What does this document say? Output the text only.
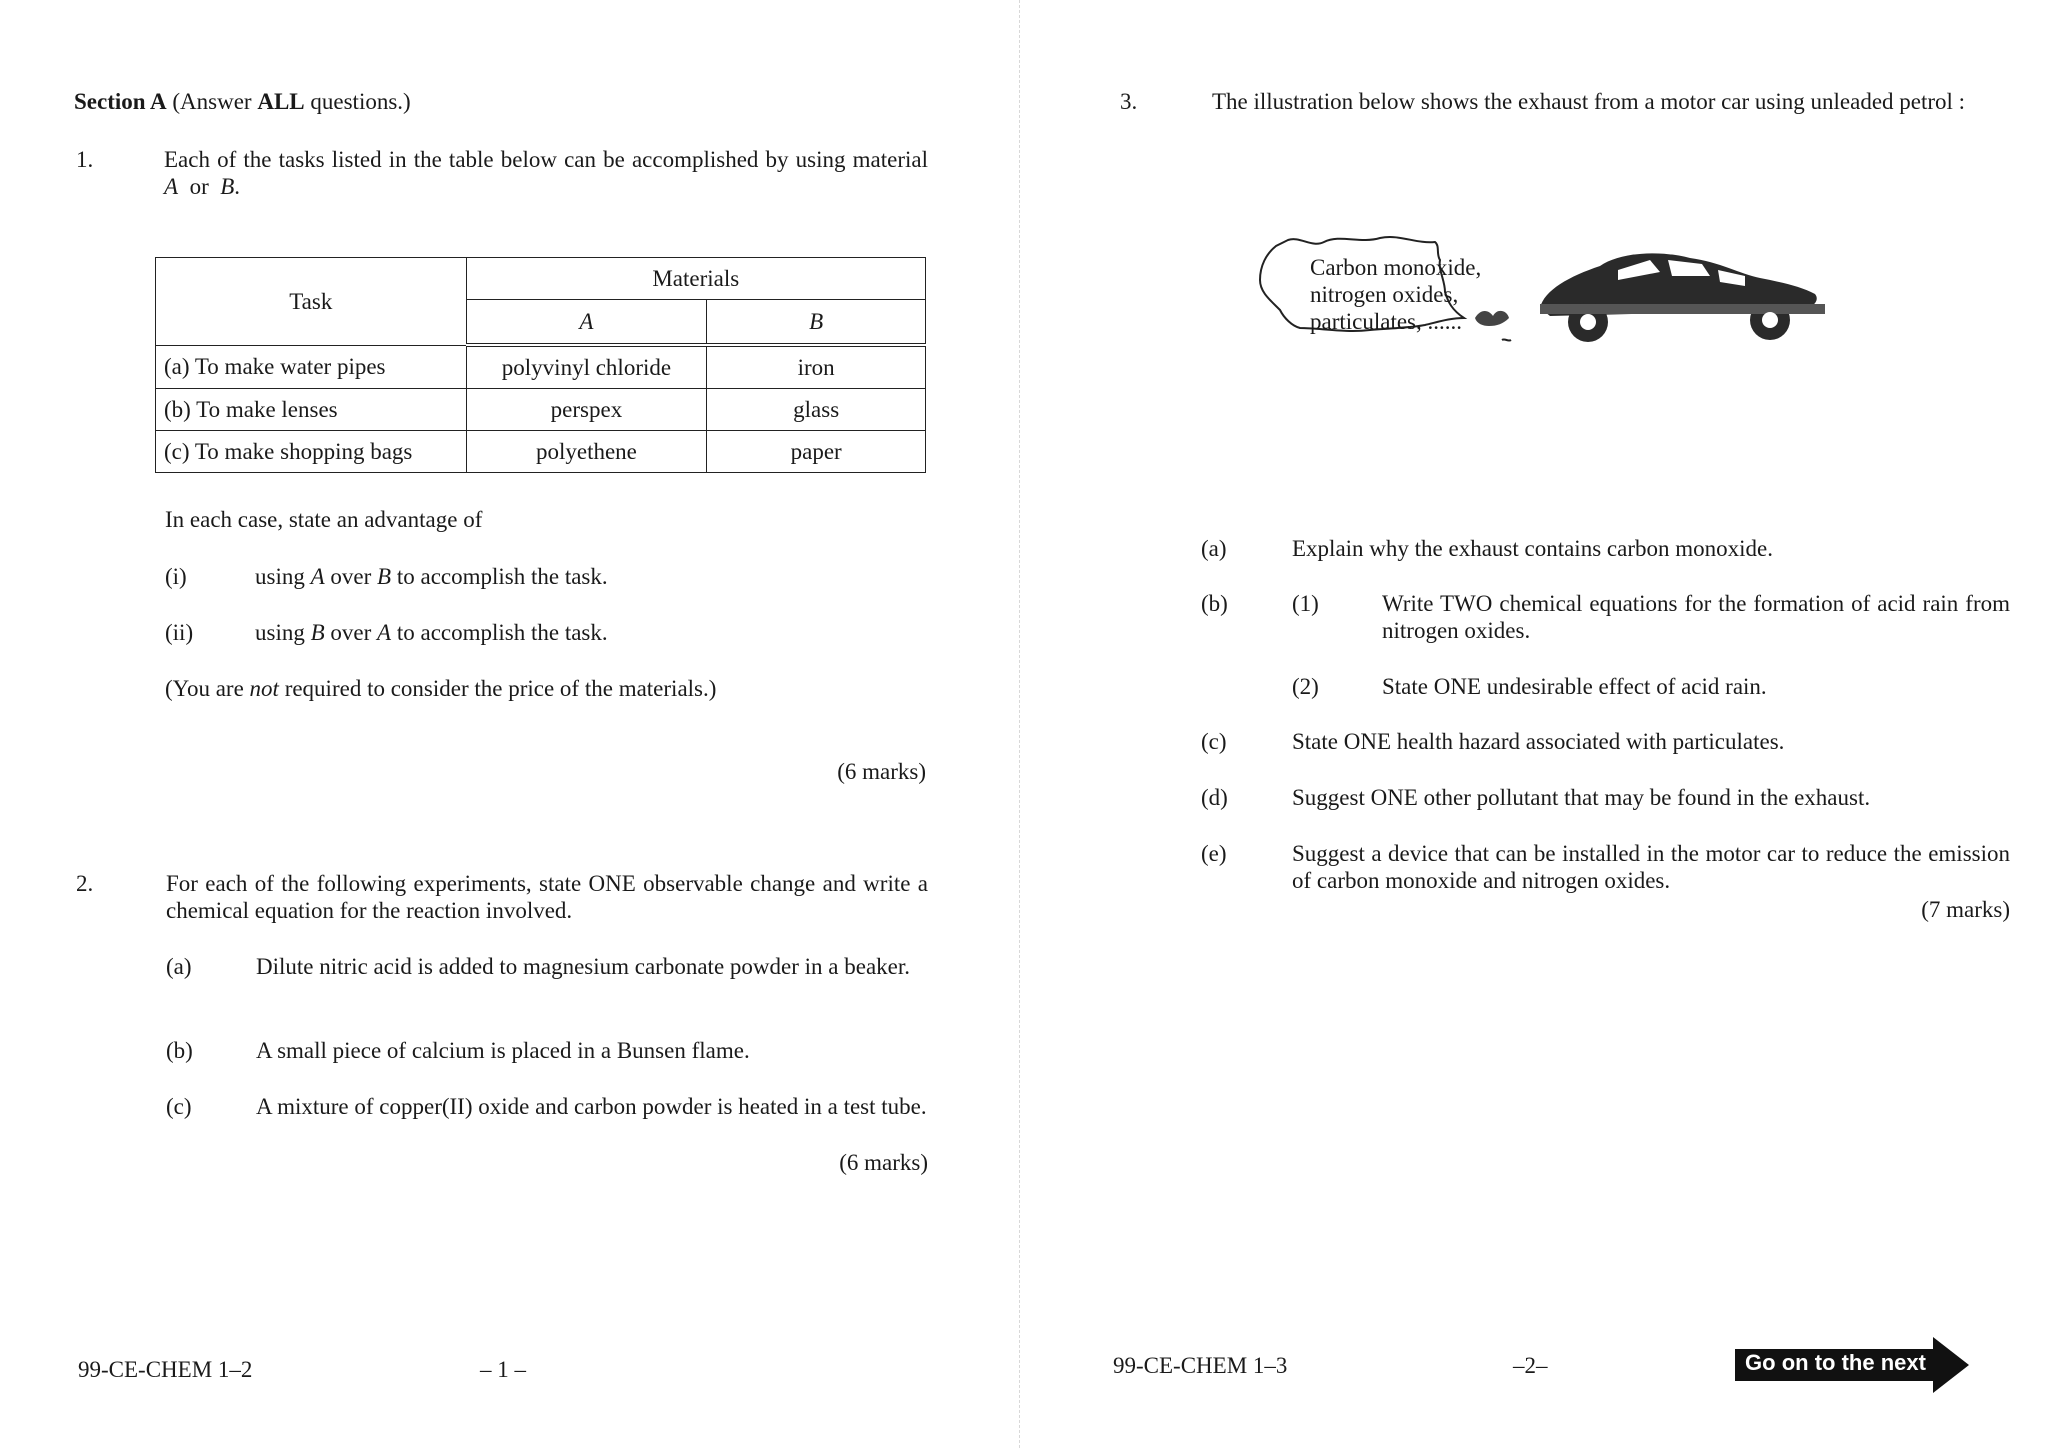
Section A (Answer ALL questions.)
1.	Each of the tasks listed in the table below can be accomplished by using material A or B.
Task	Materials	
	A	B
(a) To make water pipes	polyvinyl chloride	iron
(b) To make lenses	perspex	glass
(c) To make shopping bags	polyethene	paper
In each case, state an advantage of
(i)	using A over B to accomplish the task.
(ii)	using B over A to accomplish the task.
(You are not required to consider the price of the materials.)
(6 marks)
2.	For each of the following experiments, state ONE observable change and write a chemical equation for the reaction involved.
(a)	Dilute nitric acid is added to magnesium carbonate powder in a beaker.
(b)	A small piece of calcium is placed in a Bunsen flame.
(c)	A mixture of copper(II) oxide and carbon powder is heated in a test tube.
(6 marks)
99-CE-CHEM 1–2	– 1 –
3.	The illustration below shows the exhaust from a motor car using unleaded petrol :
Carbon monoxide,
nitrogen oxides,
particulates, ......
(a)	Explain why the exhaust contains carbon monoxide.
(b)	(1)	Write TWO chemical equations for the formation of acid rain from nitrogen oxides.
(2)	State ONE undesirable effect of acid rain.
(c)	State ONE health hazard associated with particulates.
(d)	Suggest ONE other pollutant that may be found in the exhaust.
(e)	Suggest a device that can be installed in the motor car to reduce the emission of carbon monoxide and nitrogen oxides.
(7 marks)
99-CE-CHEM 1–3	–2–	Go on to the next page
